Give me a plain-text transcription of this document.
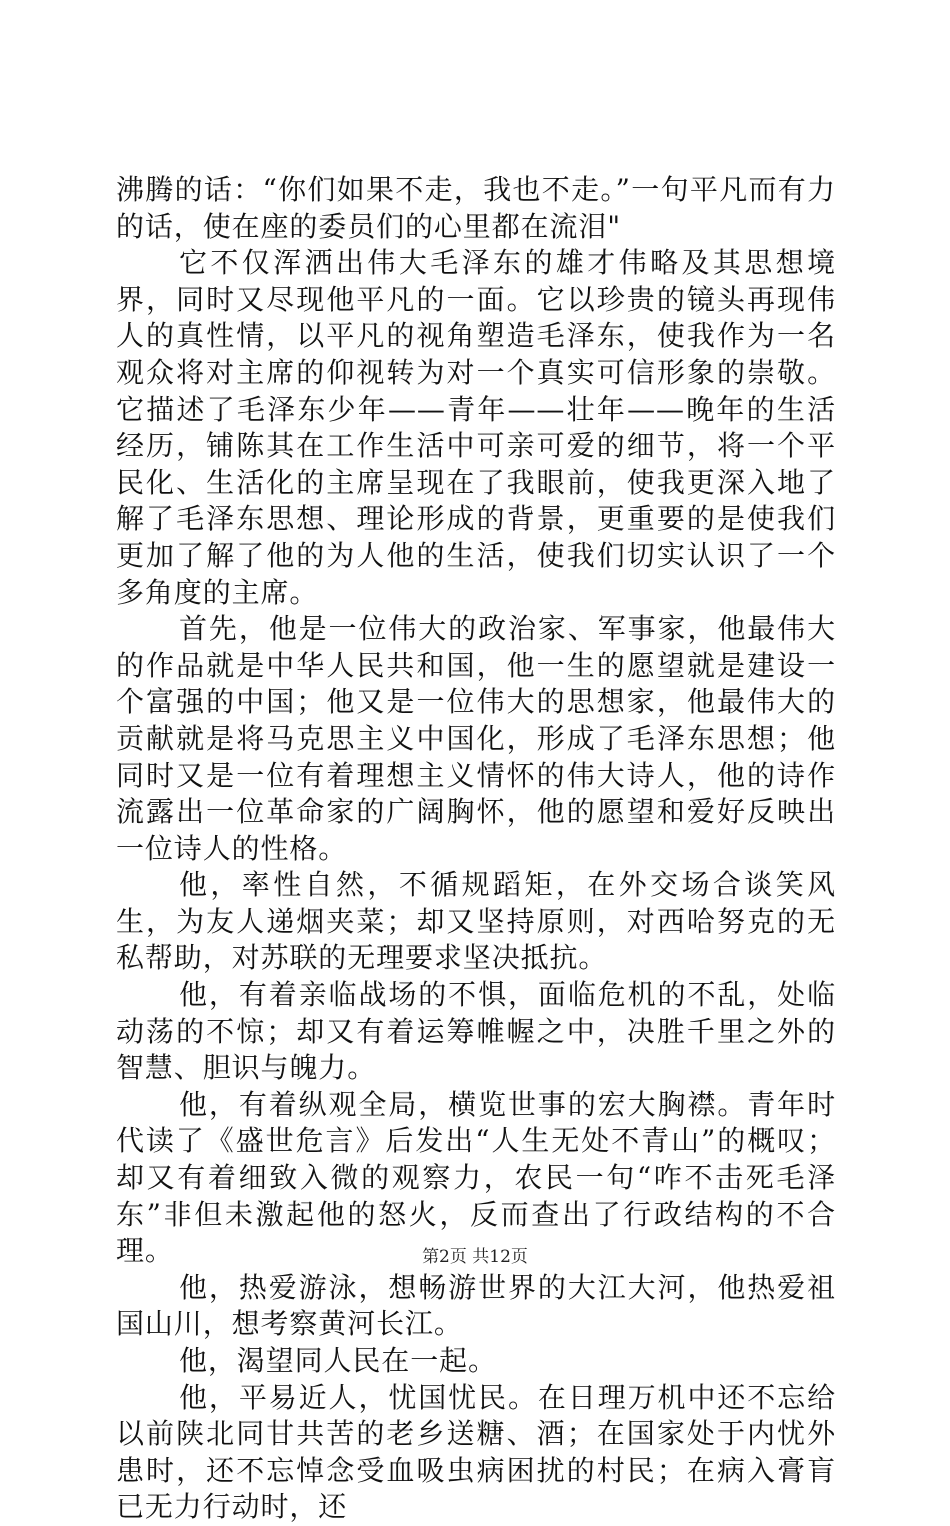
沸腾的话：“你们如果不走，我也不走。”一句平凡而有力的话，使在座的委员们的心里都在流泪"

它不仅浑洒出伟大毛泽东的雄才伟略及其思想境界，同时又尽现他平凡的一面。它以珍贵的镜头再现伟人的真性情，以平凡的视角塑造毛泽东，使我作为一名观众将对主席的仰视转为对一个真实可信形象的崇敬。它描述了毛泽东少年——青年——壮年——晚年的生活经历，铺陈其在工作生活中可亲可爱的细节，将一个平民化、生活化的主席呈现在了我眼前，使我更深入地了解了毛泽东思想、理论形成的背景，更重要的是使我们更加了解了他的为人他的生活，使我们切实认识了一个多角度的主席。

首先，他是一位伟大的政治家、军事家，他最伟大的作品就是中华人民共和国，他一生的愿望就是建设一个富强的中国；他又是一位伟大的思想家，他最伟大的贡献就是将马克思主义中国化，形成了毛泽东思想；他同时又是一位有着理想主义情怀的伟大诗人，他的诗作流露出一位革命家的广阔胸怀，他的愿望和爱好反映出一位诗人的性格。

他，率性自然，不循规蹈矩，在外交场合谈笑风生，为友人递烟夹菜；却又坚持原则，对西哈努克的无私帮助，对苏联的无理要求坚决抵抗。

他，有着亲临战场的不惧，面临危机的不乱，处临动荡的不惊；却又有着运筹帷幄之中，决胜千里之外的智慧、胆识与魄力。

他，有着纵观全局，横览世事的宏大胸襟。青年时代读了《盛世危言》后发出“人生无处不青山”的概叹；却又有着细致入微的观察力，农民一句“咋不击死毛泽东”非但未激起他的怒火，反而查出了行政结构的不合理。

他，热爱游泳，想畅游世界的大江大河，他热爱祖国山川，想考察黄河长江。

他，渴望同人民在一起。

他，平易近人，忧国忧民。在日理万机中还不忘给以前陕北同甘共苦的老乡送糖、酒；在国家处于内忧外患时，还不忘悼念受血吸虫病困扰的村民；在病入膏肓已无力行动时，还

第2页 共12页
